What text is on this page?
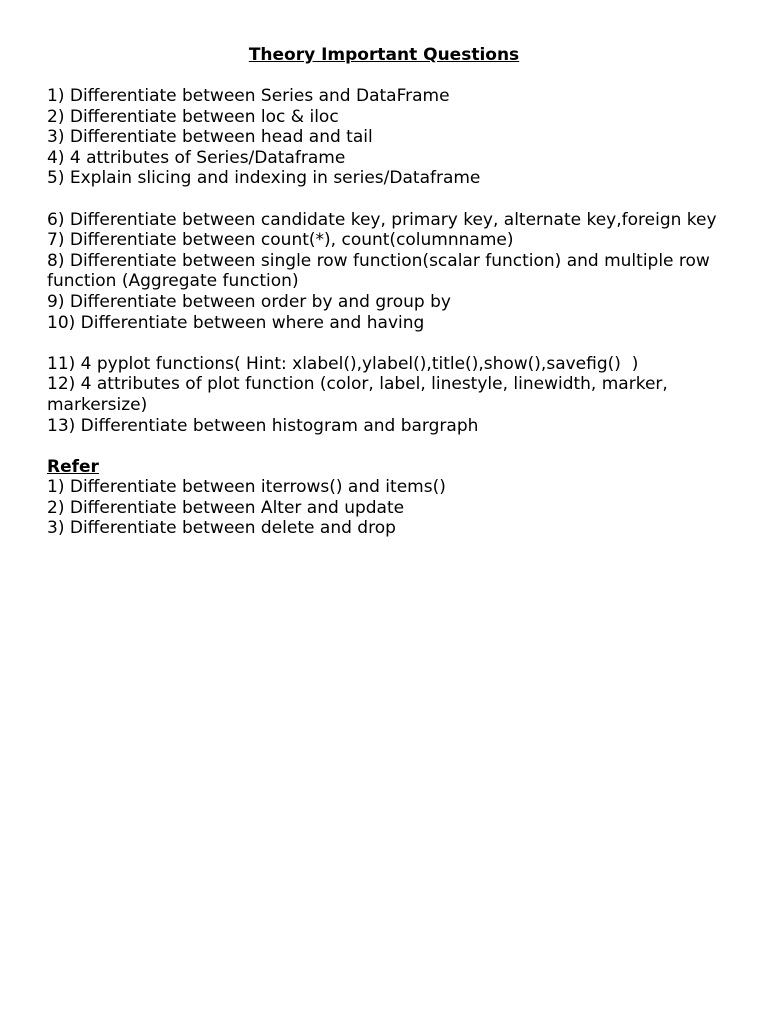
Theory Important Questions

1) Differentiate between Series and DataFrame

2) Differentiate between loc & iloc

3) Differentiate between head and tail

4) 4 attributes of Series/Dataframe

5) Explain slicing and indexing in series/Dataframe

6) Differentiate between candidate key, primary key, alternate key,foreign key

7) Differentiate between count(*), count(columnname)

8) Differentiate between single row function(scalar function) and multiple row function (Aggregate function)

9) Differentiate between order by and group by

10) Differentiate between where and having

11) 4 pyplot functions( Hint: xlabel(),ylabel(),title(),show(),savefig()  )

12) 4 attributes of plot function (color, label, linestyle, linewidth, marker, markersize)

13) Differentiate between histogram and bargraph

Refer

1) Differentiate between iterrows() and items()

2) Differentiate between Alter and update

3) Differentiate between delete and drop
